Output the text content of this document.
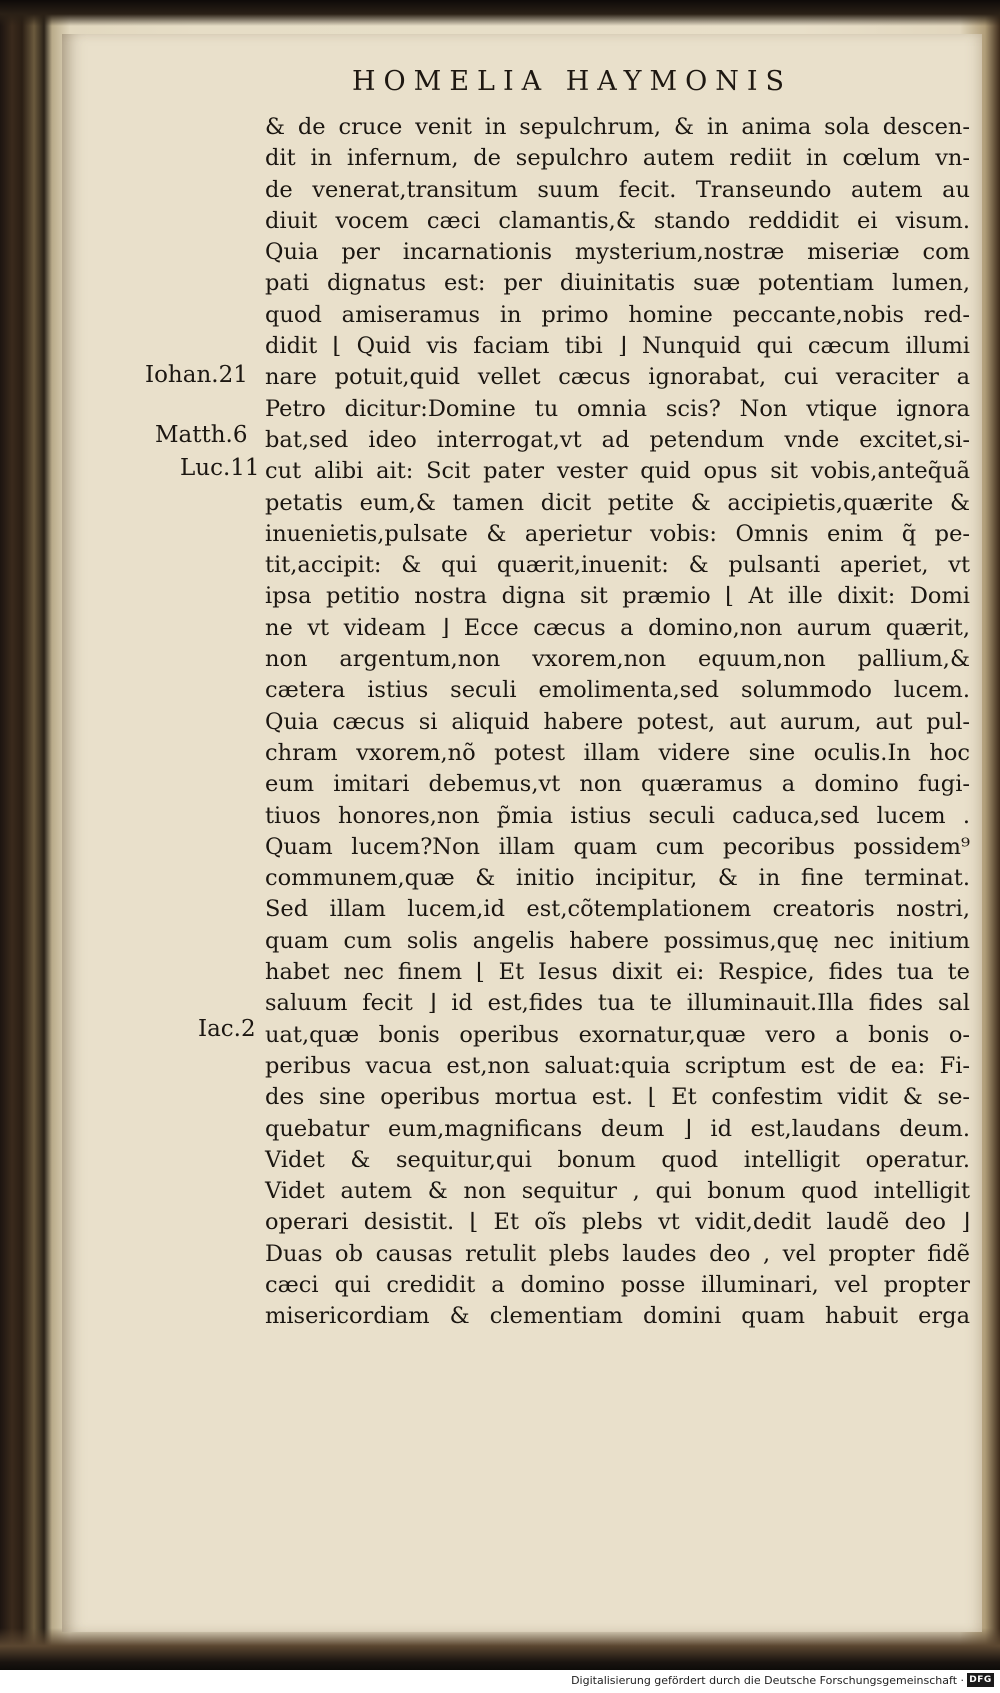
HOMELIA HAYMONIS
Iohan.21
Matth.6
Luc.11
Iac.2
& de cruce venit in sepulchrum, & in anima sola descen-
dit in infernum, de sepulchro autem rediit in cœlum vn-
de venerat,transitum suum fecit. Transeundo autem au
diuit vocem cæci clamantis,& stando reddidit ei visum.
Quia per incarnationis mysterium,nostræ miseriæ com
pati dignatus est: per diuinitatis suæ potentiam lumen,
quod amiseramus in primo homine peccante,nobis red-
didit ⌊ Quid vis faciam tibi ⌋ Nunquid qui cæcum illumi
nare potuit,quid vellet cæcus ignorabat, cui veraciter a
Petro dicitur:Domine tu omnia scis? Non vtique ignora
bat,sed ideo interrogat,vt ad petendum vnde excitet,si-
cut alibi ait: Scit pater vester quid opus sit vobis,anteq̃uã
petatis eum,& tamen dicit petite & accipietis,quærite &
inuenietis,pulsate & aperietur vobis: Omnis enim q̃ pe-
tit,accipit: & qui quærit,inuenit: & pulsanti aperiet, vt
ipsa petitio nostra digna sit præmio ⌊ At ille dixit: Domi
ne vt videam ⌋ Ecce cæcus a domino,non aurum quærit,
non argentum,non vxorem,non equum,non pallium,&
cætera istius seculi emolimenta,sed solummodo lucem.
Quia cæcus si aliquid habere potest, aut aurum, aut pul-
chram vxorem,nõ potest illam videre sine oculis.In hoc
eum imitari debemus,vt non quæramus a domino fugi-
tiuos honores,non p̃mia istius seculi caduca,sed lucem .
Quam lucem?Non illam quam cum pecoribus possidem⁹
communem,quæ & initio incipitur, & in fine terminat.
Sed illam lucem,id est,cõtemplationem creatoris nostri,
quam cum solis angelis habere possimus,quę nec initium
habet nec finem ⌊ Et Iesus dixit ei: Respice, fides tua te
saluum fecit ⌋ id est,fides tua te illuminauit.Illa fides sal
uat,quæ bonis operibus exornatur,quæ vero a bonis o-
peribus vacua est,non saluat:quia scriptum est de ea: Fi-
des sine operibus mortua est. ⌊ Et confestim vidit & se-
quebatur eum,magnificans deum ⌋ id est,laudans deum.
Videt & sequitur,qui bonum quod intelligit operatur.
Videt autem & non sequitur , qui bonum quod intelligit
operari desistit. ⌊ Et oĩs plebs vt vidit,dedit laudẽ deo ⌋
Duas ob causas retulit plebs laudes deo , vel propter fidẽ
cæci qui credidit a domino posse illuminari, vel propter
misericordiam & clementiam domini quam habuit erga
Digitalisierung gefördert durch die Deutsche Forschungsgemeinschaft · DFG
